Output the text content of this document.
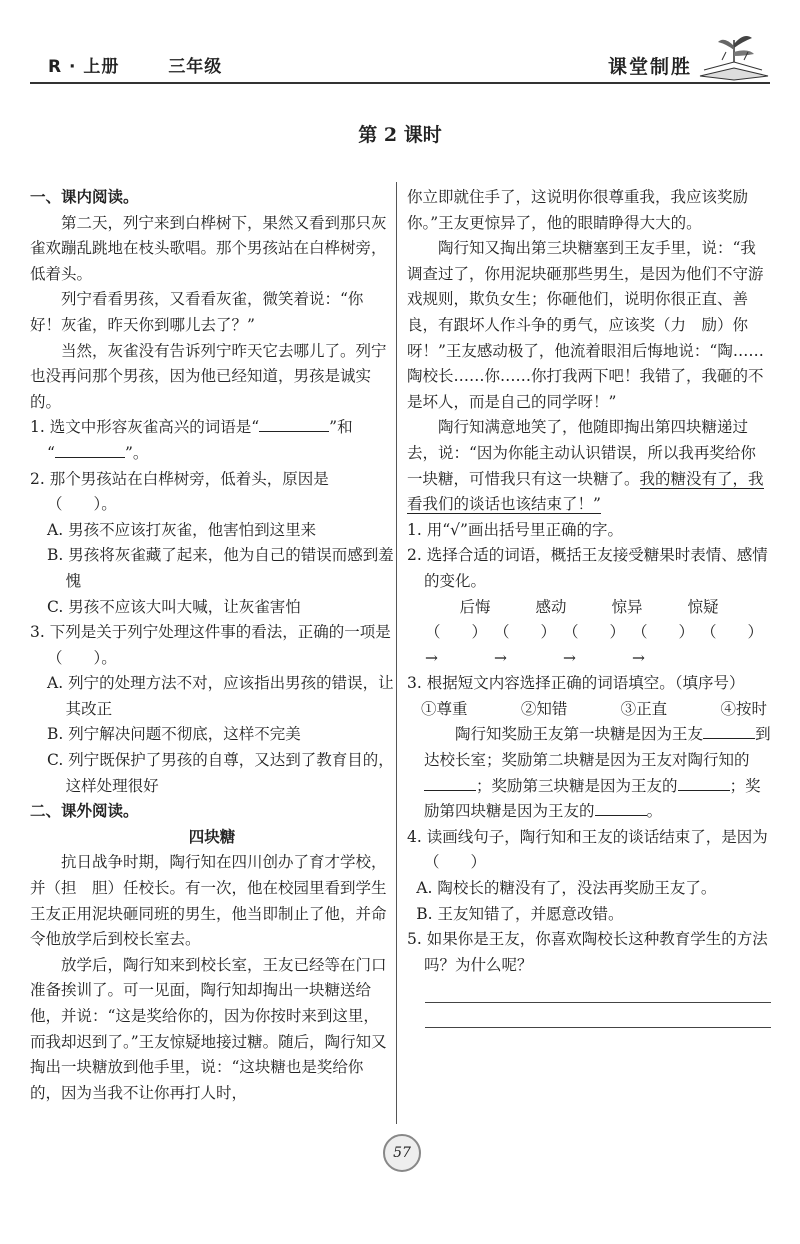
R · 上册	三年级	课堂制胜
第 2 课时

一、课内阅读。

第二天，列宁来到白桦树下，果然又看到那只灰雀欢蹦乱跳地在枝头歌唱。那个男孩站在白桦树旁，低着头。

列宁看看男孩，又看看灰雀，微笑着说：“你好！灰雀，昨天你到哪儿去了？”

当然，灰雀没有告诉列宁昨天它去哪儿了。列宁也没再问那个男孩，因为他已经知道，男孩是诚实的。

1. 选文中形容灰雀高兴的词语是“	”和
“	”。

2. 那个男孩站在白桦树旁，低着头，原因是（　　）。

A. 男孩不应该打灰雀，他害怕到这里来

B. 男孩将灰雀藏了起来，他为自己的错误而感到羞愧

C. 男孩不应该大叫大喊，让灰雀害怕

3. 下列是关于列宁处理这件事的看法，正确的一项是（　　）。

A. 列宁的处理方法不对，应该指出男孩的错误，让其改正

B. 列宁解决问题不彻底，这样不完美

C. 列宁既保护了男孩的自尊，又达到了教育目的，这样处理很好

二、课外阅读。

四块糖

抗日战争时期，陶行知在四川创办了育才学校，并（担　胆）任校长。有一次，他在校园里看到学生王友正用泥块砸同班的男生，他当即制止了他，并命令他放学后到校长室去。

放学后，陶行知来到校长室，王友已经等在门口准备挨训了。可一见面，陶行知却掏出一块糖送给他，并说：“这是奖给你的，因为你按时来到这里，而我却迟到了。”王友惊疑地接过糖。随后，陶行知又掏出一块糖放到他手里，说：“这块糖也是奖给你的，因为当我不让你再打人时，

你立即就住手了，这说明你很尊重我，我应该奖励你。”王友更惊异了，他的眼睛睁得大大的。

陶行知又掏出第三块糖塞到王友手里，说：“我调查过了，你用泥块砸那些男生，是因为他们不守游戏规则，欺负女生；你砸他们，说明你很正直、善良，有跟坏人作斗争的勇气，应该奖（力　励）你呀！”王友感动极了，他流着眼泪后悔地说：“陶……陶校长……你……你打我两下吧！我错了，我砸的不是坏人，而是自己的同学呀！”

陶行知满意地笑了，他随即掏出第四块糖递过去，说：“因为你能主动认识错误，所以我再奖给你一块糖，可惜我只有这一块糖了。我的糖没有了，我看我们的谈话也该结束了！”

1. 用“√”画出括号里正确的字。

2. 选择合适的词语，概括王友接受糖果时表情、感情的变化。

后悔	感动	惊异	惊疑
（　　）→
（　　）→
（　　）→
（　　）→
（　　）

3. 根据短文内容选择正确的词语填空。（填序号）

①尊重	②知错	③正直	④按时

陶行知奖励王友第一块糖是因为王友	到达校长室；奖励第二块糖是因为王友对陶行知的；奖励第三块糖是因为王友的	；奖励第四块糖是因为王友的	。

4. 读画线句子，陶行知和王友的谈话结束了，是因为（　　）

A. 陶校长的糖没有了，没法再奖励王友了。

B. 王友知错了，并愿意改错。

5. 如果你是王友，你喜欢陶校长这种教育学生的方法吗？为什么呢？

57
